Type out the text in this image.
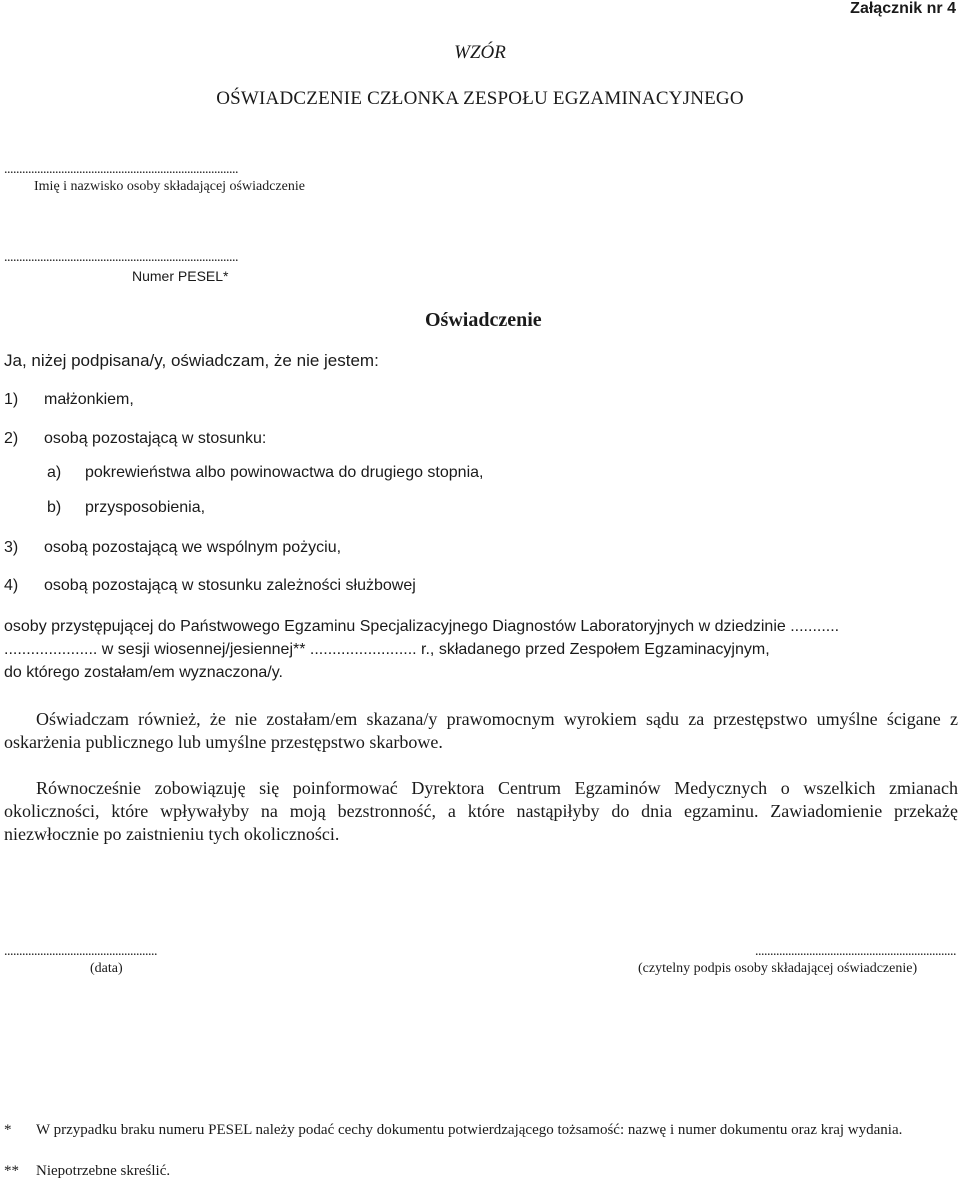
Załącznik nr 4
WZÓR
OŚWIADCZENIE CZŁONKA ZESPOŁU EGZAMINACYJNEGO
..............................................................................
Imię i nazwisko osoby składającej oświadczenie
..............................................................................
Numer PESEL*
Oświadczenie
Ja, niżej podpisana/y, oświadczam, że nie jestem:
1) małżonkiem,
2) osobą pozostającą w stosunku:
a) pokrewieństwa albo powinowactwa do drugiego stopnia,
b) przysposobienia,
3) osobą pozostającą we wspólnym pożyciu,
4) osobą pozostającą w stosunku zależności służbowej
osoby przystępującej do Państwowego Egzaminu Specjalizacyjnego Diagnostów Laboratoryjnych w dziedzinie ...........
..................... w sesji wiosennej/jesiennej** ........................ r., składanego przed Zespołem Egzaminacyjnym,
do którego zostałam/em wyznaczona/y.
Oświadczam również, że nie zostałam/em skazana/y prawomocnym wyrokiem sądu za przestępstwo umyślne ścigane z oskarżenia publicznego lub umyślne przestępstwo skarbowe.
Równocześnie zobowiązuję się poinformować Dyrektora Centrum Egzaminów Medycznych o wszelkich zmianach okoliczności, które wpływałyby na moją bezstronność, a które nastąpiłyby do dnia egzaminu. Zawiadomienie przekażę niezwłocznie po zaistnieniu tych okoliczności.
...................................................
(data)
...................................................................
(czytelny podpis osoby składającej oświadczenie)
* W przypadku braku numeru PESEL należy podać cechy dokumentu potwierdzającego tożsamość: nazwę i numer dokumentu oraz kraj wydania.
** Niepotrzebne skreślić.
